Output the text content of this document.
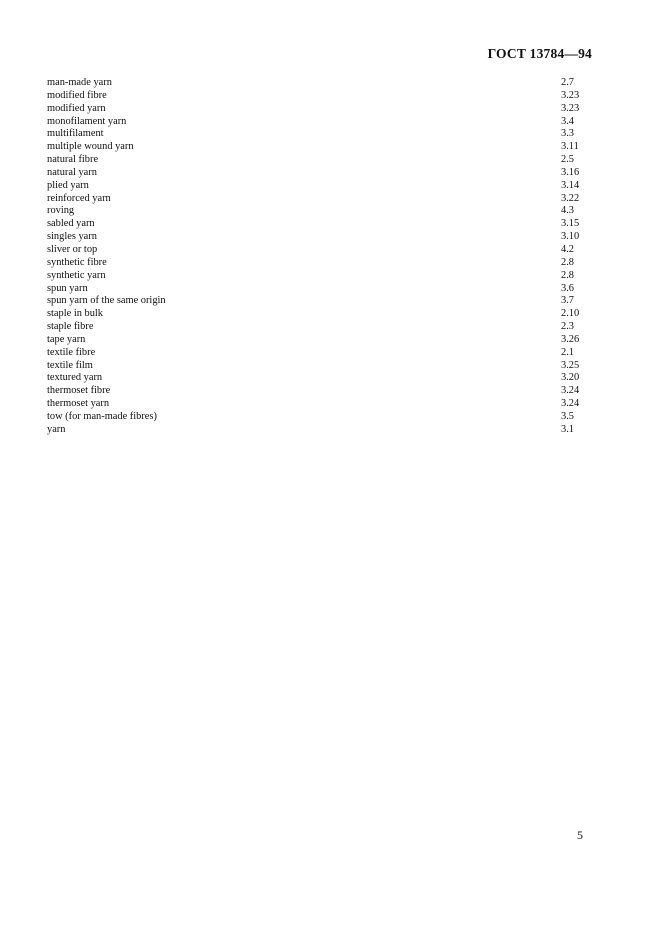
ГОСТ 13784—94
man-made yarn	2.7
modified fibre	3.23
modified yarn	3.23
monofilament yarn	3.4
multifilament	3.3
multiple wound yarn	3.11
natural fibre	2.5
natural yarn	3.16
plied yarn	3.14
reinforced yarn	3.22
roving	4.3
sabled yarn	3.15
singles yarn	3.10
sliver or top	4.2
synthetic fibre	2.8
synthetic yarn	2.8
spun yarn	3.6
spun yarn of the same origin	3.7
staple in bulk	2.10
staple fibre	2.3
tape yarn	3.26
textile fibre	2.1
textile film	3.25
textured yarn	3.20
thermoset fibre	3.24
thermoset yarn	3.24
tow (for man-made fibres)	3.5
yarn	3.1
5
